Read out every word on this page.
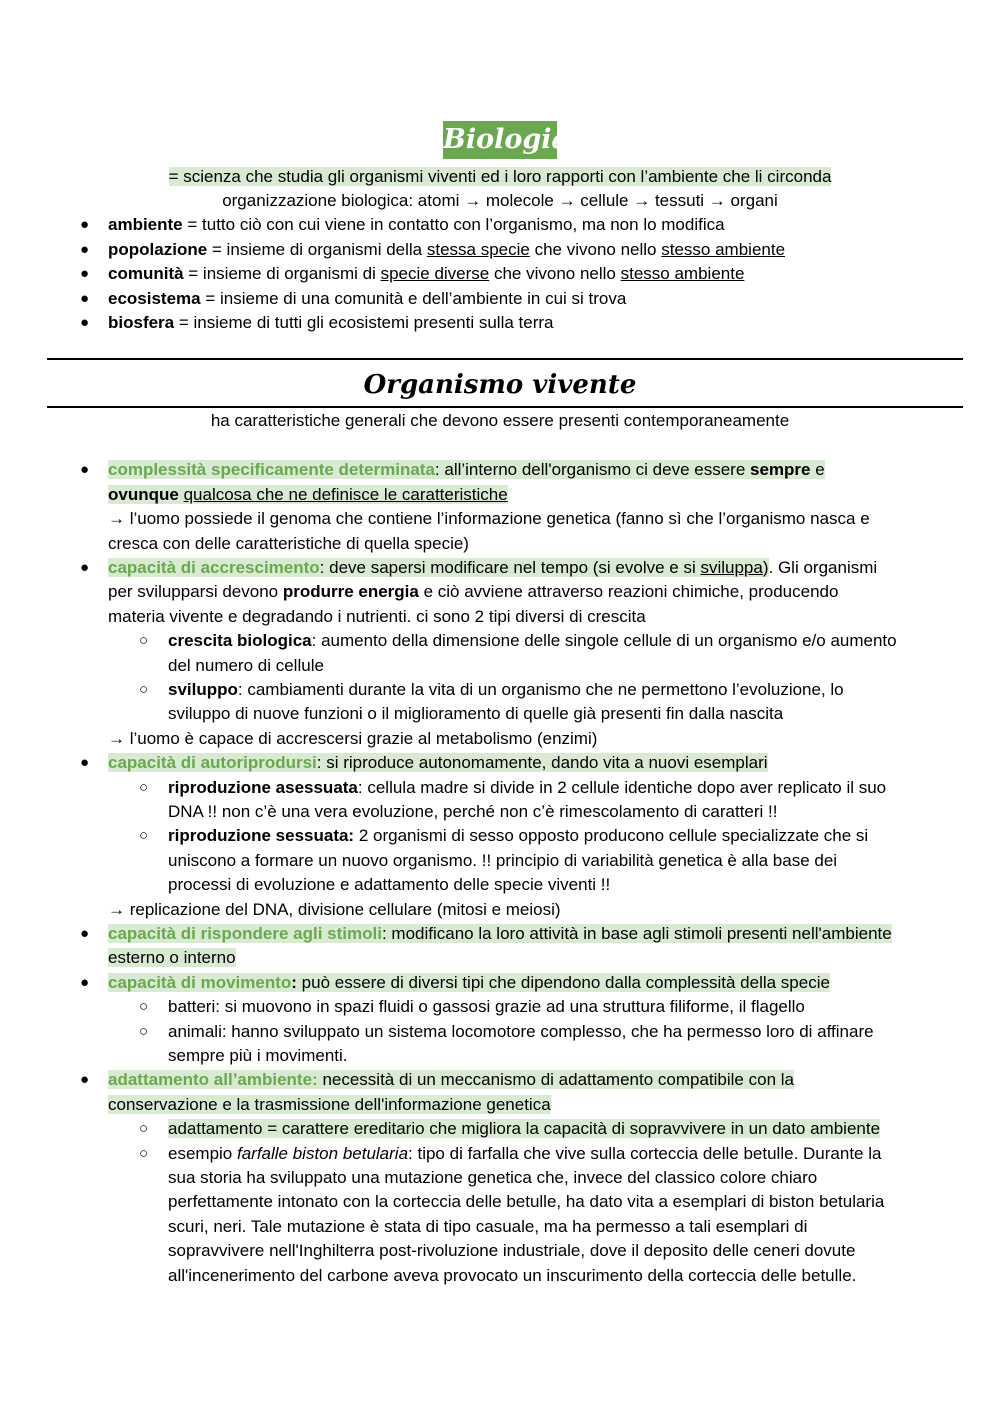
Biologia
= scienza che studia gli organismi viventi ed i loro rapporti con l’ambiente che li circonda
organizzazione biologica: atomi → molecole → cellule → tessuti → organi
● ambiente = tutto ciò con cui viene in contatto con l’organismo, ma non lo modifica
● popolazione = insieme di organismi della stessa specie che vivono nello stesso ambiente
● comunità = insieme di organismi di specie diverse che vivono nello stesso ambiente
● ecosistema = insieme di una comunità e dell’ambiente in cui si trova
● biosfera = insieme di tutti gli ecosistemi presenti sulla terra
Organismo vivente
ha caratteristiche generali che devono essere presenti contemporaneamente
● complessità specificamente determinata: all’interno dell'organismo ci deve essere sempre e
ovunque qualcosa che ne definisce le caratteristiche
→ l’uomo possiede il genoma che contiene l’informazione genetica (fanno sì che l’organismo nasca e
cresca con delle caratteristiche di quella specie)
● capacità di accrescimento: deve sapersi modificare nel tempo (si evolve e si sviluppa). Gli organismi
per svilupparsi devono produrre energia e ciò avviene attraverso reazioni chimiche, producendo
materia vivente e degradando i nutrienti. ci sono 2 tipi diversi di crescita
○ crescita biologica: aumento della dimensione delle singole cellule di un organismo e/o aumento
del numero di cellule
○ sviluppo: cambiamenti durante la vita di un organismo che ne permettono l’evoluzione, lo
sviluppo di nuove funzioni o il miglioramento di quelle già presenti fin dalla nascita
→ l’uomo è capace di accrescersi grazie al metabolismo (enzimi)
● capacità di autoriprodursi: si riproduce autonomamente, dando vita a nuovi esemplari
○ riproduzione asessuata: cellula madre si divide in 2 cellule identiche dopo aver replicato il suo
DNA !! non c’è una vera evoluzione, perché non c’è rimescolamento di caratteri !!
○ riproduzione sessuata: 2 organismi di sesso opposto producono cellule specializzate che si
uniscono a formare un nuovo organismo. !! principio di variabilità genetica è alla base dei
processi di evoluzione e adattamento delle specie viventi !!
→ replicazione del DNA, divisione cellulare (mitosi e meiosi)
● capacità di rispondere agli stimoli: modificano la loro attività in base agli stimoli presenti nell'ambiente
esterno o interno
● capacità di movimento: può essere di diversi tipi che dipendono dalla complessità della specie
○ batteri: si muovono in spazi fluidi o gassosi grazie ad una struttura filiforme, il flagello
○ animali: hanno sviluppato un sistema locomotore complesso, che ha permesso loro di affinare
sempre più i movimenti.
● adattamento all’ambiente: necessità di un meccanismo di adattamento compatibile con la
conservazione e la trasmissione dell'informazione genetica
○ adattamento = carattere ereditario che migliora la capacità di sopravvivere in un dato ambiente
○ esempio farfalle biston betularia: tipo di farfalla che vive sulla corteccia delle betulle. Durante la
sua storia ha sviluppato una mutazione genetica che, invece del classico colore chiaro
perfettamente intonato con la corteccia delle betulle, ha dato vita a esemplari di biston betularia
scuri, neri. Tale mutazione è stata di tipo casuale, ma ha permesso a tali esemplari di
sopravvivere nell'Inghilterra post-rivoluzione industriale, dove il deposito delle ceneri dovute
all'incenerimento del carbone aveva provocato un inscurimento della corteccia delle betulle.
